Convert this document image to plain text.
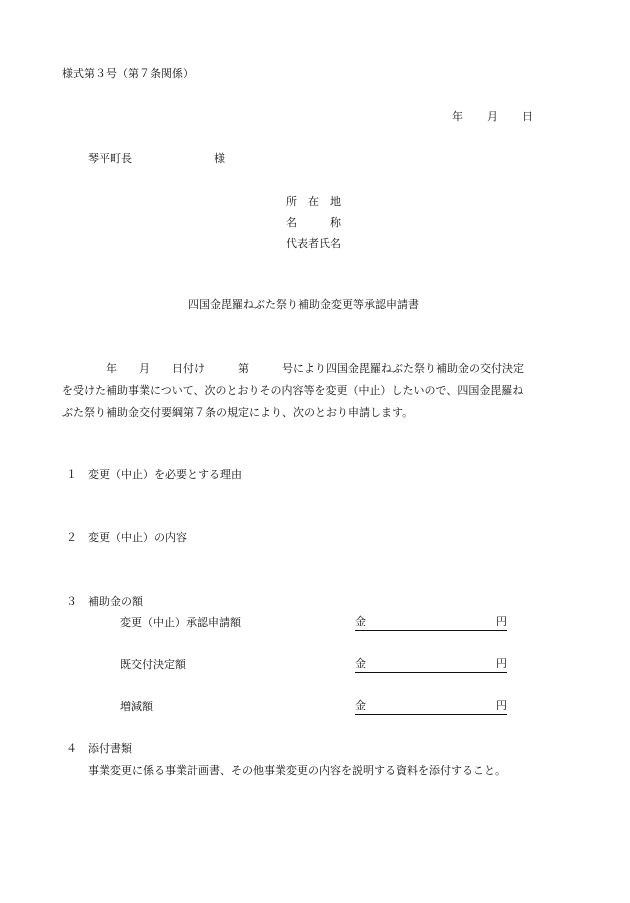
様式第３号（第７条関係）
年 月 日
琴平町長	様
所　在　地
名　　　称
代表者氏名
四国金毘羅ねぶた祭り補助金変更等承認申請書
　　　　年　　月　　日付け　　　第　　　号により四国金毘羅ねぶた祭り補助金の交付決定
を受けた補助事業について、次のとおりその内容等を変更（中止）したいので、四国金毘羅ね
ぶた祭り補助金交付要綱第７条の規定により、次のとおり申請します。
１ 変更（中止）を必要とする理由
２ 変更（中止）の内容
３ 補助金の額
変更（中止）承認申請額	金	円
既交付決定額	金	円
増減額	金	円
４ 添付書類
事業変更に係る事業計画書、その他事業変更の内容を説明する資料を添付すること。
